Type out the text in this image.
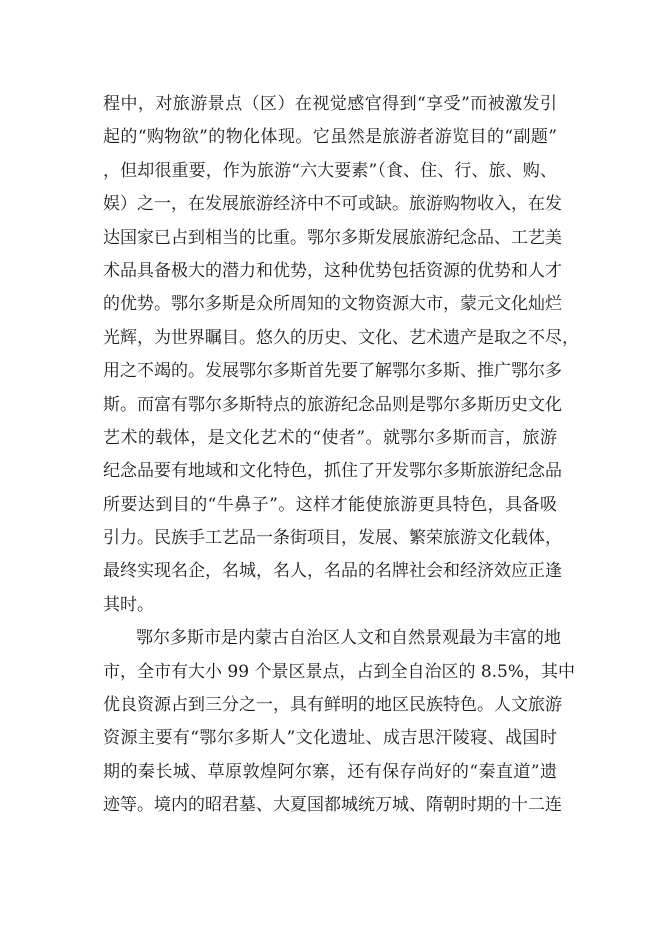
程中，对旅游景点（区）在视觉感官得到“享受”而被激发引
起的“购物欲”的物化体现。它虽然是旅游者游览目的“副题”
，但却很重要，作为旅游“六大要素”（食、住、行、旅、购、
娱）之一，在发展旅游经济中不可或缺。旅游购物收入，在发
达国家已占到相当的比重。鄂尔多斯发展旅游纪念品、工艺美
术品具备极大的潜力和优势，这种优势包括资源的优势和人才
的优势。鄂尔多斯是众所周知的文物资源大市，蒙元文化灿烂
光辉，为世界瞩目。悠久的历史、文化、艺术遗产是取之不尽，
用之不竭的。发展鄂尔多斯首先要了解鄂尔多斯、推广鄂尔多
斯。而富有鄂尔多斯特点的旅游纪念品则是鄂尔多斯历史文化
艺术的载体，是文化艺术的“使者”。就鄂尔多斯而言，旅游
纪念品要有地域和文化特色，抓住了开发鄂尔多斯旅游纪念品
所要达到目的“牛鼻子”。这样才能使旅游更具特色，具备吸
引力。民族手工艺品一条街项目，发展、繁荣旅游文化载体，
最终实现名企，名城，名人，名品的名牌社会和经济效应正逢
其时。
鄂尔多斯市是内蒙古自治区人文和自然景观最为丰富的地
市，全市有大小 99 个景区景点，占到全自治区的 8.5%，其中
优良资源占到三分之一，具有鲜明的地区民族特色。人文旅游
资源主要有“鄂尔多斯人”文化遗址、成吉思汗陵寝、战国时
期的秦长城、草原敦煌阿尔寨，还有保存尚好的“秦直道”遗
迹等。境内的昭君墓、大夏国都城统万城、隋朝时期的十二连
